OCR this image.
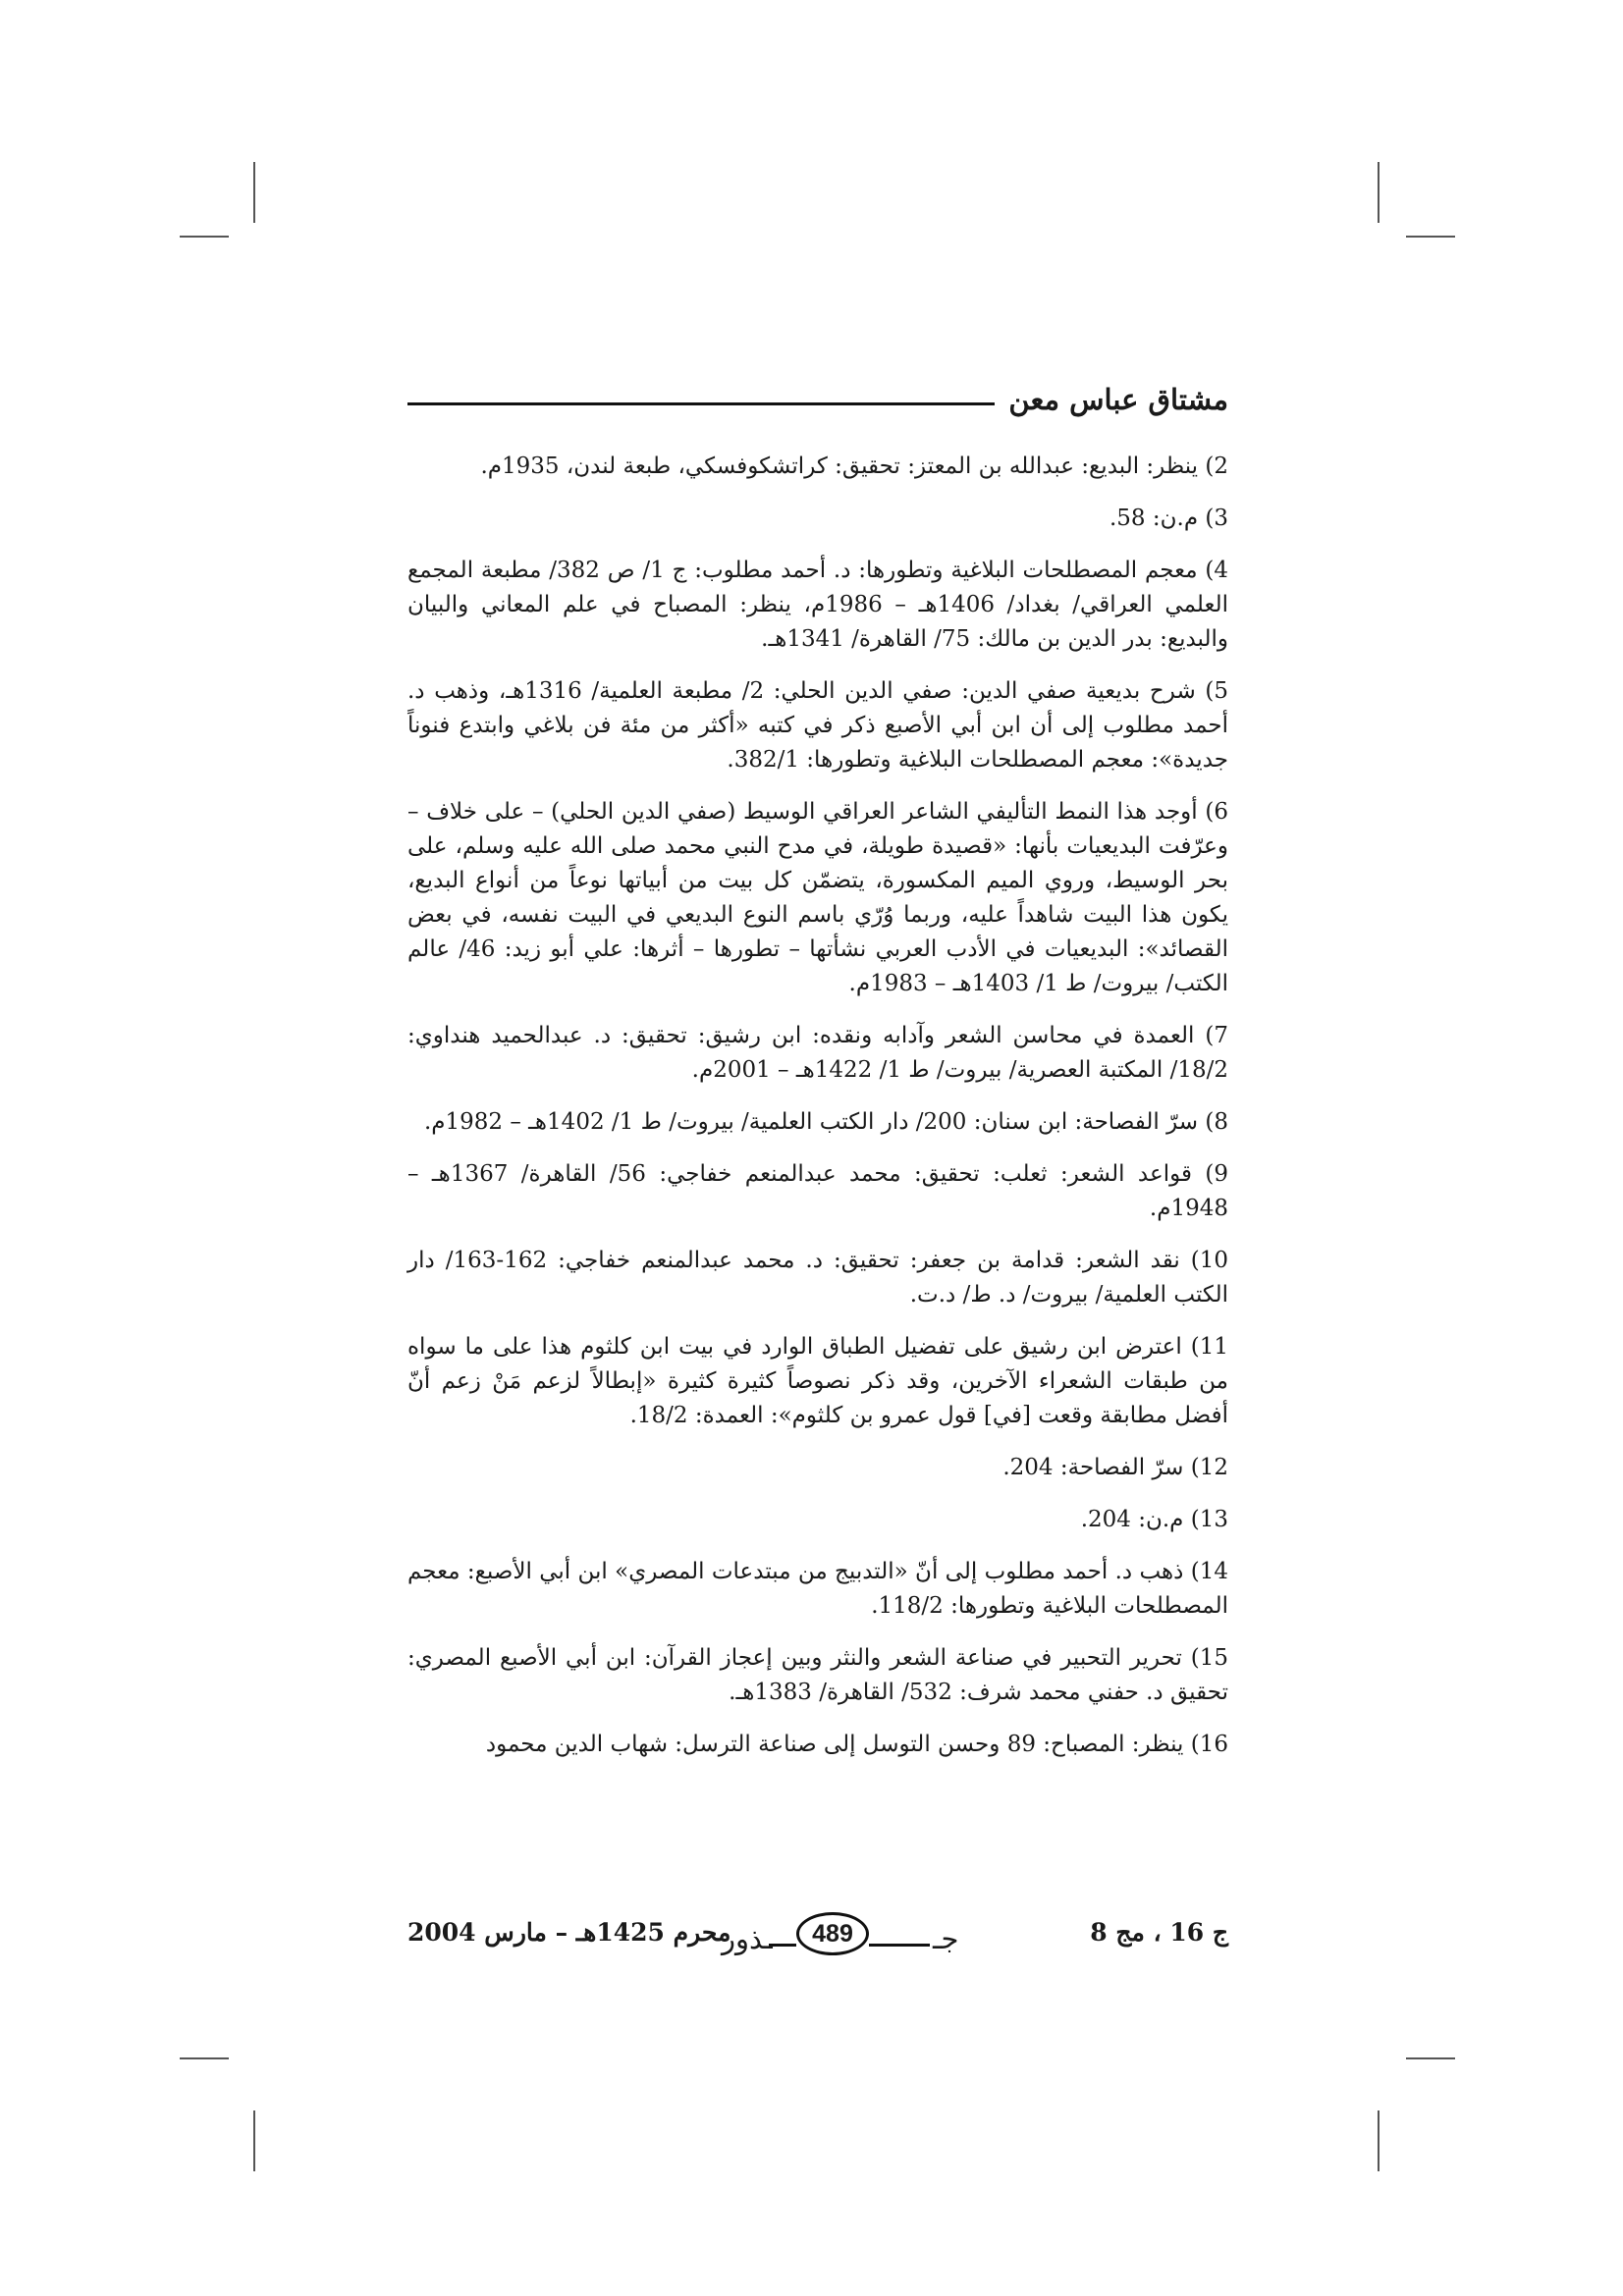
مشتاق عباس معن

2) ينظر: البديع: عبدالله بن المعتز: تحقيق: كراتشكوفسكي، طبعة لندن، 1935م.

3) م.ن: 58.

4) معجم المصطلحات البلاغية وتطورها: د. أحمد مطلوب: ج 1/ ص 382/ مطبعة المجمع العلمي العراقي/ بغداد/ 1406هـ – 1986م، ينظر: المصباح في علم المعاني والبيان والبديع: بدر الدين بن مالك: 75/ القاهرة/ 1341هـ.

5) شرح بديعية صفي الدين: صفي الدين الحلي: 2/ مطبعة العلمية/ 1316هـ، وذهب د. أحمد مطلوب إلى أن ابن أبي الأصبع ذكر في كتبه «أكثر من مئة فن بلاغي وابتدع فنوناً جديدة»: معجم المصطلحات البلاغية وتطورها: 382/1.

6) أوجد هذا النمط التأليفي الشاعر العراقي الوسيط (صفي الدين الحلي) – على خلاف – وعرّفت البديعيات بأنها: «قصيدة طويلة، في مدح النبي محمد صلى الله عليه وسلم، على بحر الوسيط، وروي الميم المكسورة، يتضمّن كل بيت من أبياتها نوعاً من أنواع البديع، يكون هذا البيت شاهداً عليه، وربما وُرّي باسم النوع البديعي في البيت نفسه، في بعض القصائد»: البديعيات في الأدب العربي نشأتها – تطورها – أثرها: علي أبو زيد: 46/ عالم الكتب/ بيروت/ ط 1/ 1403هـ – 1983م.

7) العمدة في محاسن الشعر وآدابه ونقده: ابن رشيق: تحقيق: د. عبدالحميد هنداوي: 18/2/ المكتبة العصرية/ بيروت/ ط 1/ 1422هـ – 2001م.

8) سرّ الفصاحة: ابن سنان: 200/ دار الكتب العلمية/ بيروت/ ط 1/ 1402هـ – 1982م.

9) قواعد الشعر: ثعلب: تحقيق: محمد عبدالمنعم خفاجي: 56/ القاهرة/ 1367هـ – 1948م.

10) نقد الشعر: قدامة بن جعفر: تحقيق: د. محمد عبدالمنعم خفاجي: 162-163/ دار الكتب العلمية/ بيروت/ د. ط/ د.ت.

11) اعترض ابن رشيق على تفضيل الطباق الوارد في بيت ابن كلثوم هذا على ما سواه من طبقات الشعراء الآخرين، وقد ذكر نصوصاً كثيرة كثيرة «إبطالاً لزعم مَنْ زعم أنّ أفضل مطابقة وقعت [في] قول عمرو بن كلثوم»: العمدة: 18/2.

12) سرّ الفصاحة: 204.

13) م.ن: 204.

14) ذهب د. أحمد مطلوب إلى أنّ «التدبيج من مبتدعات المصري» ابن أبي الأصبع: معجم المصطلحات البلاغية وتطورها: 118/2.

15) تحرير التحبير في صناعة الشعر والنثر وبين إعجاز القرآن: ابن أبي الأصبع المصري: تحقيق د. حفني محمد شرف: 532/ القاهرة/ 1383هـ.

16) ينظر: المصباح: 89 وحسن التوسل إلى صناعة الترسل: شهاب الدين محمود

ج 16 ، مج 8
جـ
489
ـذور
محرم 1425هـ – مارس 2004
